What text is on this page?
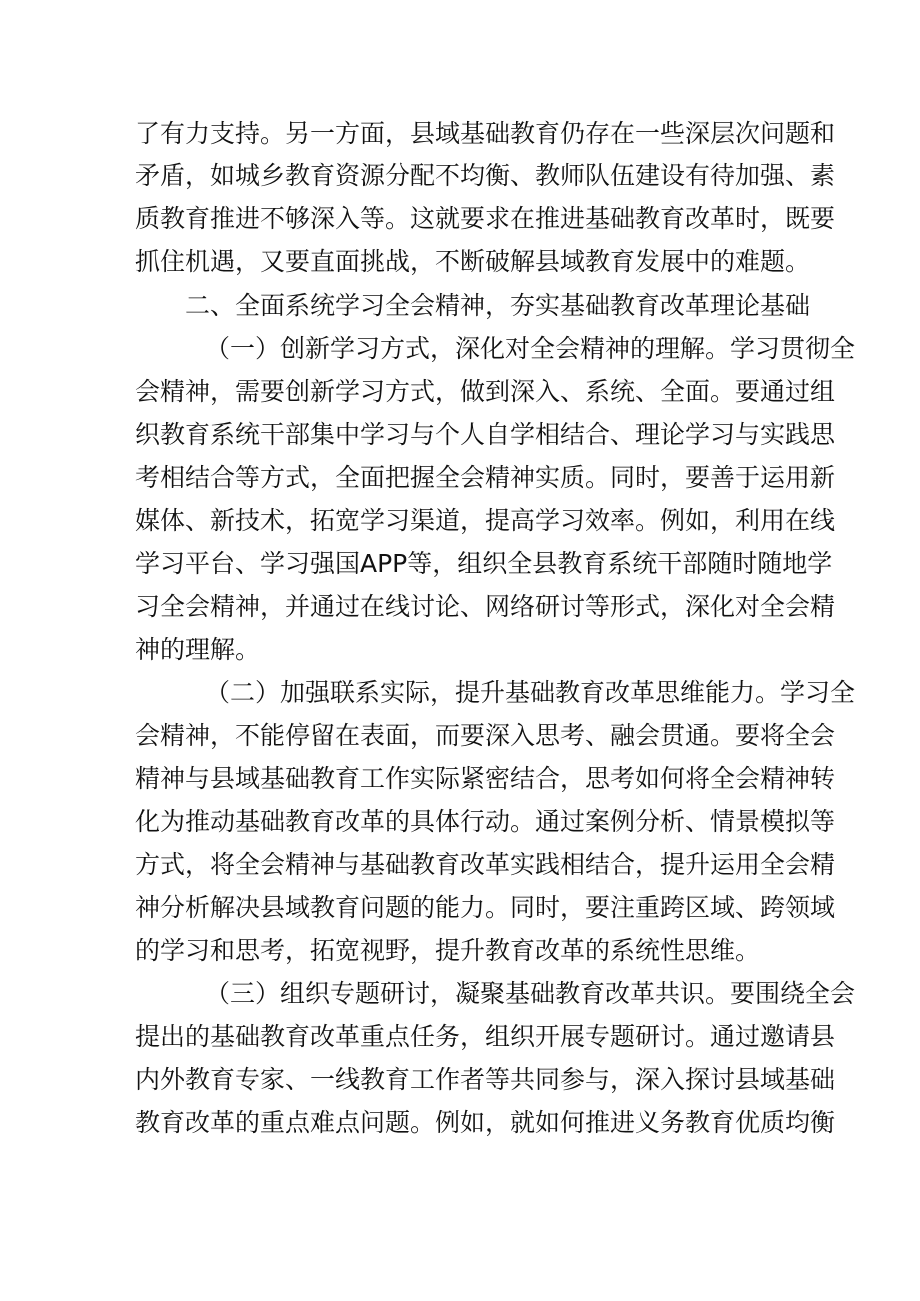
了有力支持。另一方面，县域基础教育仍存在一些深层次问题和

矛盾，如城乡教育资源分配不均衡、教师队伍建设有待加强、素

质教育推进不够深入等。这就要求在推进基础教育改革时，既要

抓住机遇，又要直面挑战，不断破解县域教育发展中的难题。

二、全面系统学习全会精神，夯实基础教育改革理论基础

（一）创新学习方式，深化对全会精神的理解。学习贯彻全

会精神，需要创新学习方式，做到深入、系统、全面。要通过组

织教育系统干部集中学习与个人自学相结合、理论学习与实践思

考相结合等方式，全面把握全会精神实质。同时，要善于运用新

媒体、新技术，拓宽学习渠道，提高学习效率。例如，利用在线

学习平台、学习强国APP等，组织全县教育系统干部随时随地学

习全会精神，并通过在线讨论、网络研讨等形式，深化对全会精

神的理解。

（二）加强联系实际，提升基础教育改革思维能力。学习全

会精神，不能停留在表面，而要深入思考、融会贯通。要将全会

精神与县域基础教育工作实际紧密结合，思考如何将全会精神转

化为推动基础教育改革的具体行动。通过案例分析、情景模拟等

方式，将全会精神与基础教育改革实践相结合，提升运用全会精

神分析解决县域教育问题的能力。同时，要注重跨区域、跨领域

的学习和思考，拓宽视野，提升教育改革的系统性思维。

（三）组织专题研讨，凝聚基础教育改革共识。要围绕全会

提出的基础教育改革重点任务，组织开展专题研讨。通过邀请县

内外教育专家、一线教育工作者等共同参与，深入探讨县域基础

教育改革的重点难点问题。例如，就如何推进义务教育优质均衡
